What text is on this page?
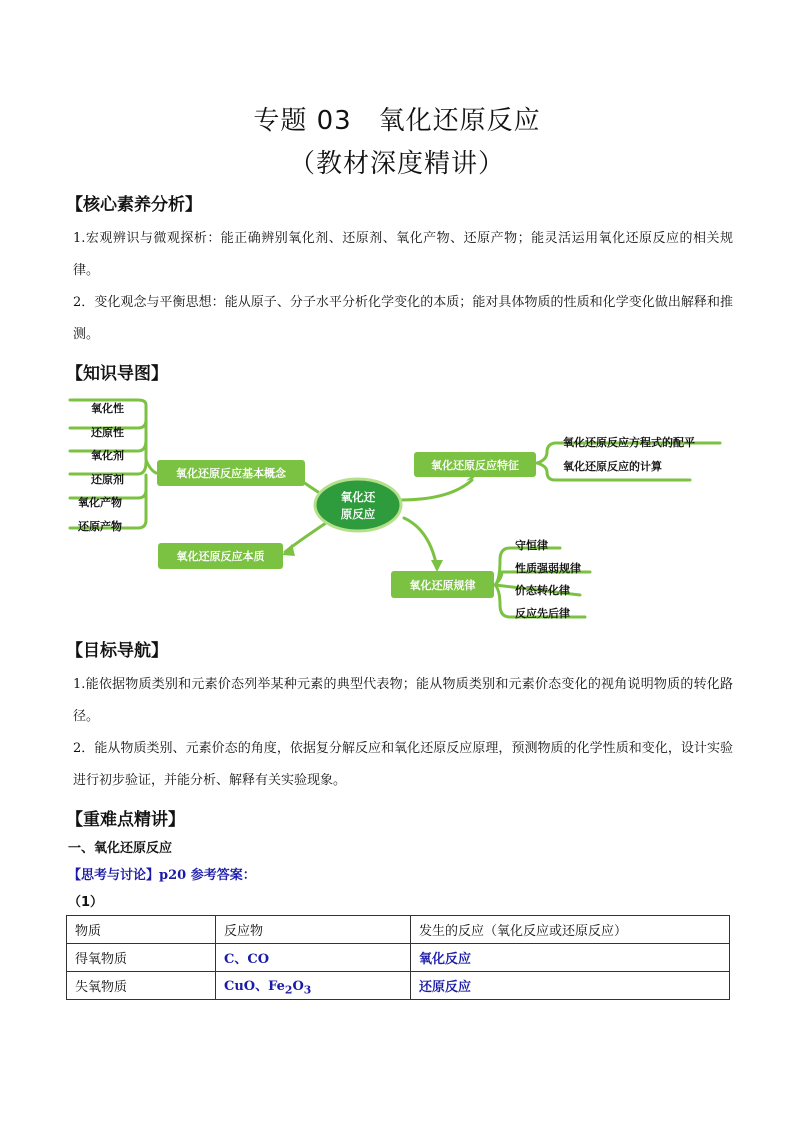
专题 03　氧化还原反应
（教材深度精讲）
【核心素养分析】
1.宏观辨识与微观探析：能正确辨别氧化剂、还原剂、氧化产物、还原产物；能灵活运用氧化还原反应的相关规律。
2．变化观念与平衡思想：能从原子、分子水平分析化学变化的本质；能对具体物质的性质和化学变化做出解释和推测。
【知识导图】
氧化还
原反应
氧化还原反应基本概念
氧化还原反应特征
氧化还原反应本质
氧化还原规律
氧化性
还原性
氧化剂
还原剂
氧化产物
还原产物
氧化还原反应方程式的配平
氧化还原反应的计算
守恒律
性质强弱规律
价态转化律
反应先后律
【目标导航】
1.能依据物质类别和元素价态列举某种元素的典型代表物；能从物质类别和元素价态变化的视角说明物质的转化路径。
2．能从物质类别、元素价态的角度，依据复分解反应和氧化还原反应原理，预测物质的化学性质和变化，设计实验进行初步验证，并能分析、解释有关实验现象。
【重难点精讲】
一、氧化还原反应
【思考与讨论】p20 参考答案：
（1）
物质	反应物	发生的反应（氧化反应或还原反应）
得氧物质	C、CO	氧化反应
失氧物质	CuO、$Fe_2O_3$	还原反应
